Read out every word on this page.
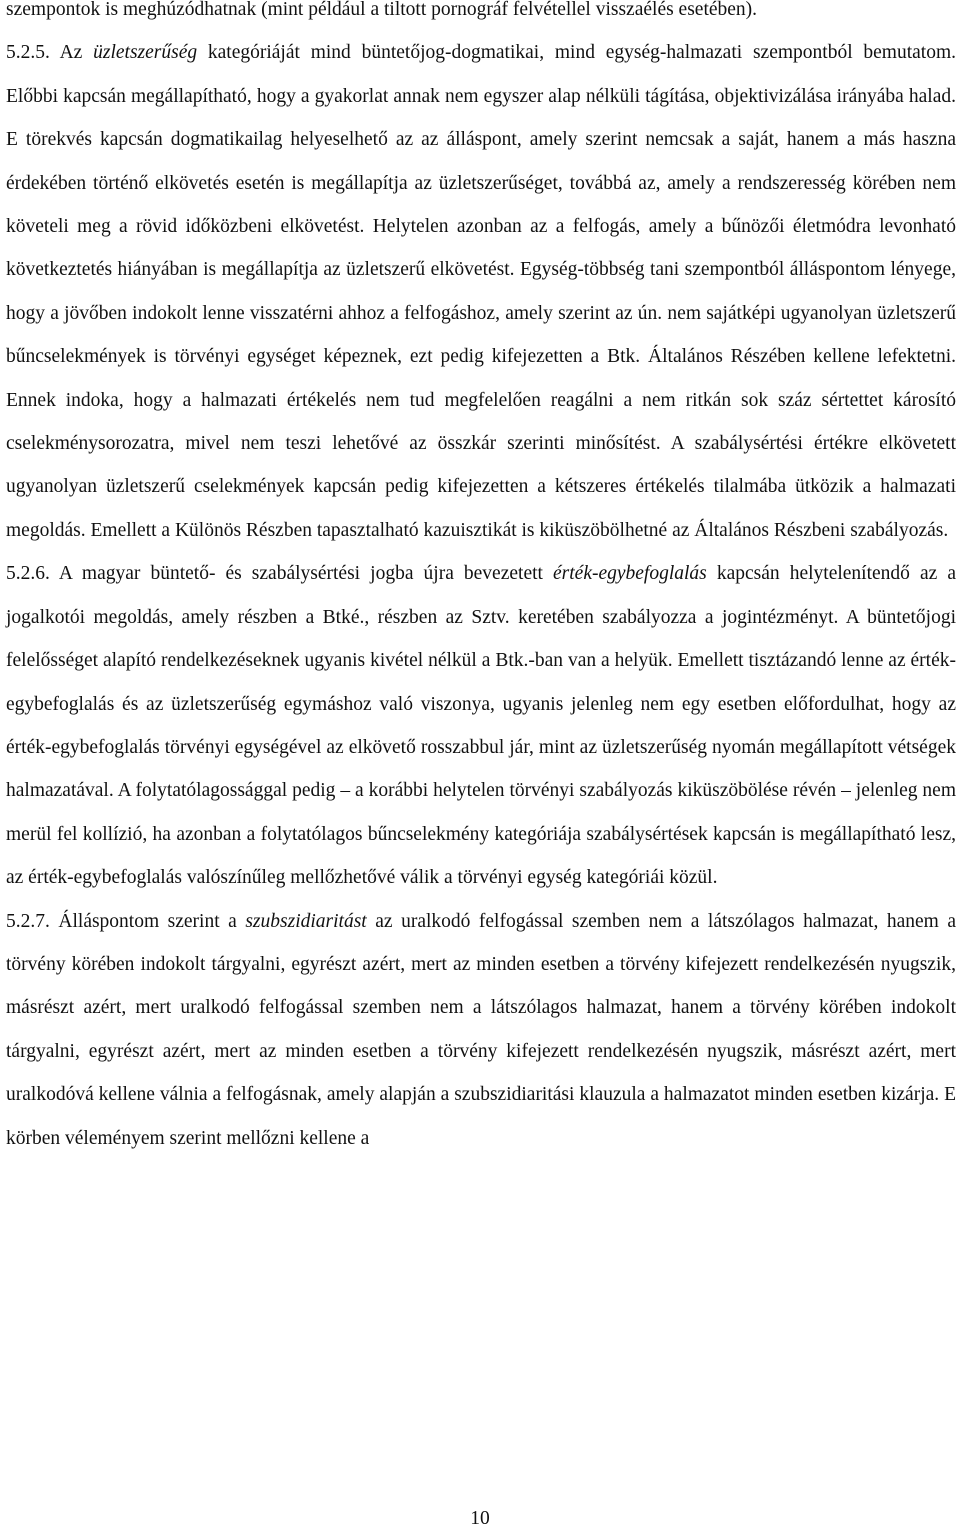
szempontok is meghúzódhatnak (mint például a tiltott pornográf felvétellel visszaélés esetében).

5.2.5. Az üzletszerűség kategóriáját mind büntetőjog-dogmatikai, mind egység-halmazati szempontból bemutatom. Előbbi kapcsán megállapítható, hogy a gyakorlat annak nem egyszer alap nélküli tágítása, objektivizálása irányába halad. E törekvés kapcsán dogmatikailag helyeselhető az az álláspont, amely szerint nemcsak a saját, hanem a más haszna érdekében történő elkövetés esetén is megállapítja az üzletszerűséget, továbbá az, amely a rendszeresség körében nem követeli meg a rövid időközbeni elkövetést. Helytelen azonban az a felfogás, amely a bűnözői életmódra levonható következtetés hiányában is megállapítja az üzletszerű elkövetést. Egység-többség tani szempontból álláspontom lényege, hogy a jövőben indokolt lenne visszatérni ahhoz a felfogáshoz, amely szerint az ún. nem sajátképi ugyanolyan üzletszerű bűncselekmények is törvényi egységet képeznek, ezt pedig kifejezetten a Btk. Általános Részében kellene lefektetni. Ennek indoka, hogy a halmazati értékelés nem tud megfelelően reagálni a nem ritkán sok száz sértettet károsító cselekménysorozatra, mivel nem teszi lehetővé az összkár szerinti minősítést. A szabálysértési értékre elkövetett ugyanolyan üzletszerű cselekmények kapcsán pedig kifejezetten a kétszeres értékelés tilalmába ütközik a halmazati megoldás. Emellett a Különös Részben tapasztalható kazuisztikát is kiküszöbölhetné az Általános Részbeni szabályozás.

5.2.6. A magyar büntető- és szabálysértési jogba újra bevezetett érték-egybefoglalás kapcsán helytelenítendő az a jogalkotói megoldás, amely részben a Btké., részben az Sztv. keretében szabályozza a jogintézményt. A büntetőjogi felelősséget alapító rendelkezéseknek ugyanis kivétel nélkül a Btk.-ban van a helyük. Emellett tisztázandó lenne az érték-egybefoglalás és az üzletszerűség egymáshoz való viszonya, ugyanis jelenleg nem egy esetben előfordulhat, hogy az érték-egybefoglalás törvényi egységével az elkövető rosszabbul jár, mint az üzletszerűség nyomán megállapított vétségek halmazatával. A folytatólagossággal pedig – a korábbi helytelen törvényi szabályozás kiküszöbölése révén – jelenleg nem merül fel kollízió, ha azonban a folytatólagos bűncselekmény kategóriája szabálysértések kapcsán is megállapítható lesz, az érték-egybefoglalás valószínűleg mellőzhetővé válik a törvényi egység kategóriái közül.

5.2.7. Álláspontom szerint a szubszidiaritást az uralkodó felfogással szemben nem a látszólagos halmazat, hanem a törvény körében indokolt tárgyalni, egyrészt azért, mert az minden esetben a törvény kifejezett rendelkezésén nyugszik, másrészt azért, mert uralkodó felfogással szemben nem a látszólagos halmazat, hanem a törvény körében indokolt tárgyalni, egyrészt azért, mert az minden esetben a törvény kifejezett rendelkezésén nyugszik, másrészt azért, mert uralkodóvá kellene válnia a felfogásnak, amely alapján a szubszidiaritási klauzula a halmazatot minden esetben kizárja. E körben véleményem szerint mellőzni kellene a

10
